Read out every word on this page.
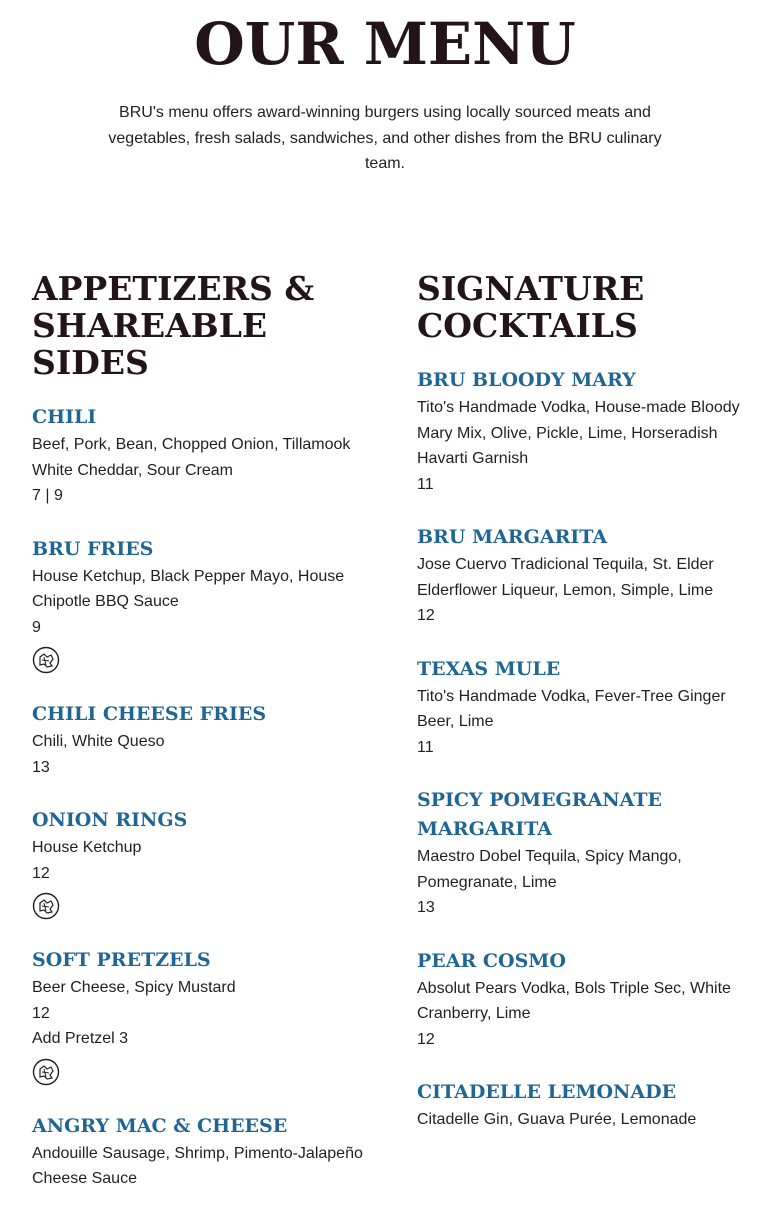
OUR MENU

BRU's menu offers award-winning burgers using locally sourced meats and vegetables, fresh salads, sandwiches, and other dishes from the BRU culinary team.

APPETIZERS &
SHAREABLE SIDES
CHILI

Beef, Pork, Bean, Chopped Onion, Tillamook White Cheddar, Sour Cream

7 | 9

BRU FRIES

House Ketchup, Black Pepper Mayo, House Chipotle BBQ Sauce

9

CHILI CHEESE FRIES

Chili, White Queso

13

ONION RINGS

House Ketchup

12

SOFT PRETZELS

Beer Cheese, Spicy Mustard

12

Add Pretzel 3

ANGRY MAC & CHEESE

Andouille Sausage, Shrimp, Pimento-Jalapeño Cheese Sauce

SIGNATURE
COCKTAILS
BRU BLOODY MARY

Tito's Handmade Vodka, House-made Bloody Mary Mix, Olive, Pickle, Lime, Horseradish Havarti Garnish

11

BRU MARGARITA

Jose Cuervo Tradicional Tequila, St. Elder Elderflower Liqueur, Lemon, Simple, Lime

12

TEXAS MULE

Tito's Handmade Vodka, Fever-Tree Ginger Beer, Lime

11

SPICY POMEGRANATE MARGARITA

Maestro Dobel Tequila, Spicy Mango, Pomegranate, Lime

13

PEAR COSMO

Absolut Pears Vodka, Bols Triple Sec, White Cranberry, Lime

12

CITADELLE LEMONADE

Citadelle Gin, Guava Purée, Lemonade
